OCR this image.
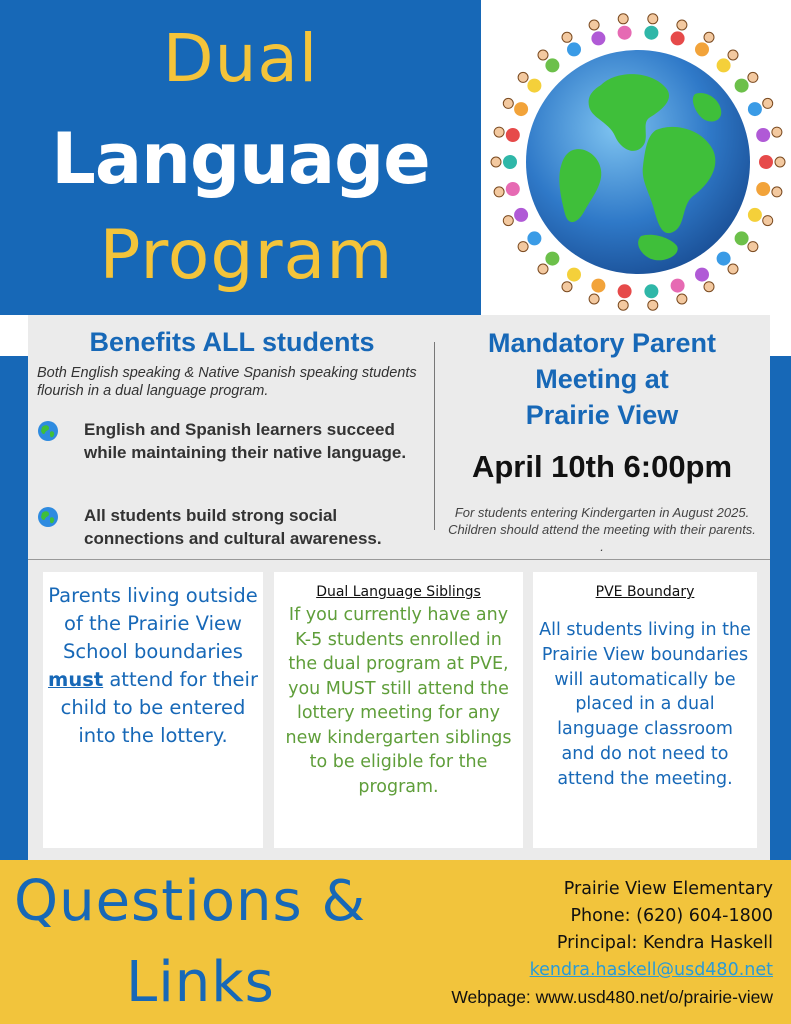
Dual
Language
Program
Benefits ALL students
Both English speaking & Native Spanish speaking students flourish in a dual language program.
English and Spanish learners succeed while maintaining their native language.
All students build strong social connections and cultural awareness.
Mandatory Parent
Meeting at
Prairie View
April 10th 6:00pm
For students entering Kindergarten in August 2025. Children should attend the meeting with their parents. .
Parents living outside of the Prairie View School boundaries must attend for their child to be entered into the lottery.
Dual Language Siblings
If you currently have any K-5 students enrolled in the dual program at PVE, you MUST still attend the lottery meeting for any new kindergarten siblings to be eligible for the program.
PVE Boundary
All students living in the Prairie View boundaries will automatically be placed in a dual language classroom and do not need to attend the meeting.
Questions &
Links
Prairie View Elementary
Phone: (620) 604-1800
Principal: Kendra Haskell
kendra.haskell@usd480.net
Webpage: www.usd480.net/o/prairie-view
